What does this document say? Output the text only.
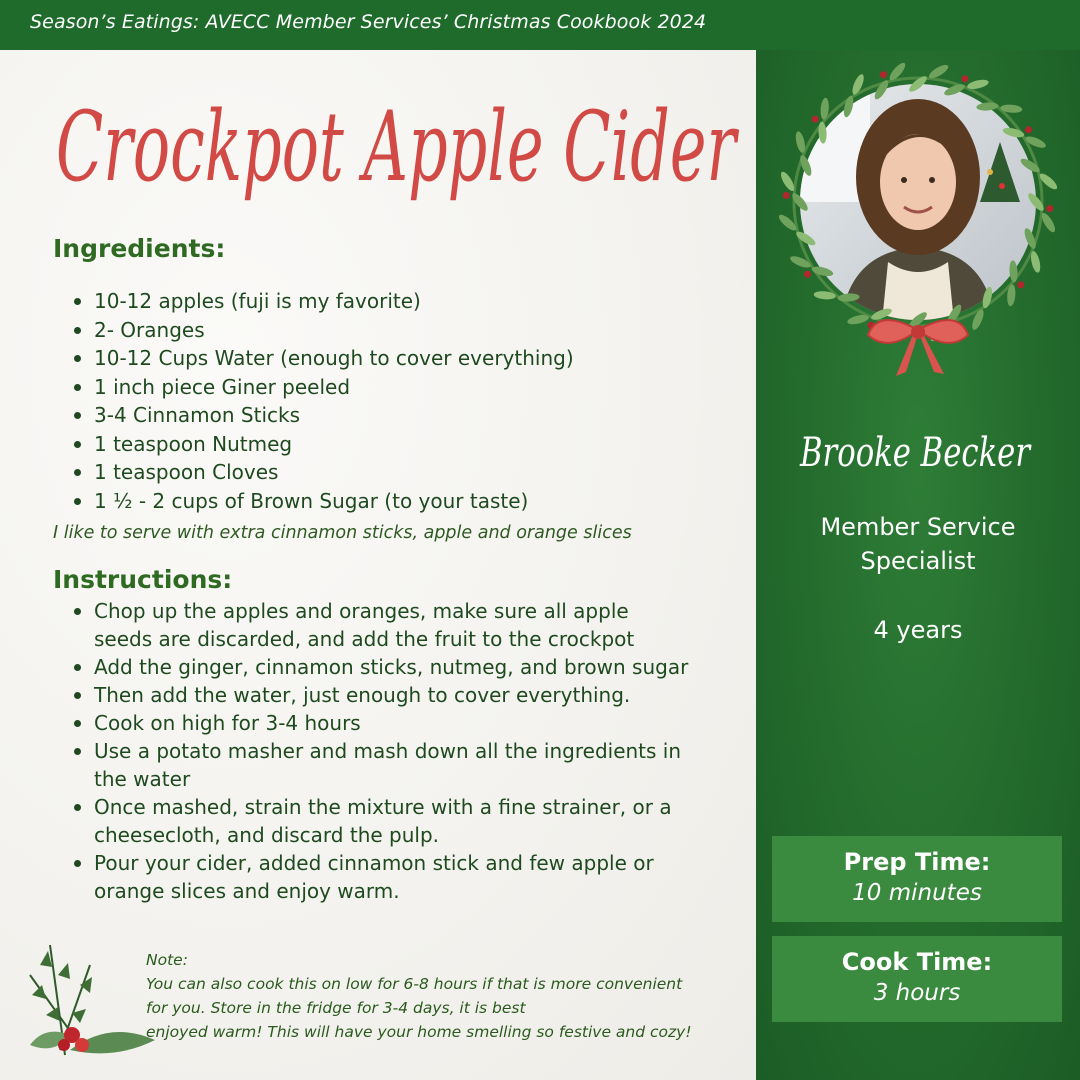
Season’s Eatings: AVECC Member Services’ Christmas Cookbook 2024
Crockpot Apple Cider
Ingredients:
10-12 apples (fuji is my favorite)
2- Oranges
10-12 Cups Water (enough to cover everything)
1 inch piece Giner peeled
3-4 Cinnamon Sticks
1 teaspoon Nutmeg
1 teaspoon Cloves
1 ½ - 2 cups of Brown Sugar (to your taste)
I like to serve with extra cinnamon sticks, apple and orange slices
Instructions:
Chop up the apples and oranges, make sure all apple seeds are discarded, and add the fruit to the crockpot
Add the ginger, cinnamon sticks, nutmeg, and brown sugar
Then add the water, just enough to cover everything.
Cook on high for 3-4 hours
Use a potato masher and mash down all the ingredients in the water
Once mashed, strain the mixture with a fine strainer, or a cheesecloth, and discard the pulp.
Pour your cider, added cinnamon stick and few apple or orange slices and enjoy warm.
Note:
You can also cook this on low for 6-8 hours if that is more convenient
for you. Store in the fridge for 3-4 days, it is best
enjoyed warm! This will have your home smelling so festive and cozy!
Brooke Becker
Member Service
Specialist
4 years
Prep Time:
10 minutes
Cook Time:
3 hours
